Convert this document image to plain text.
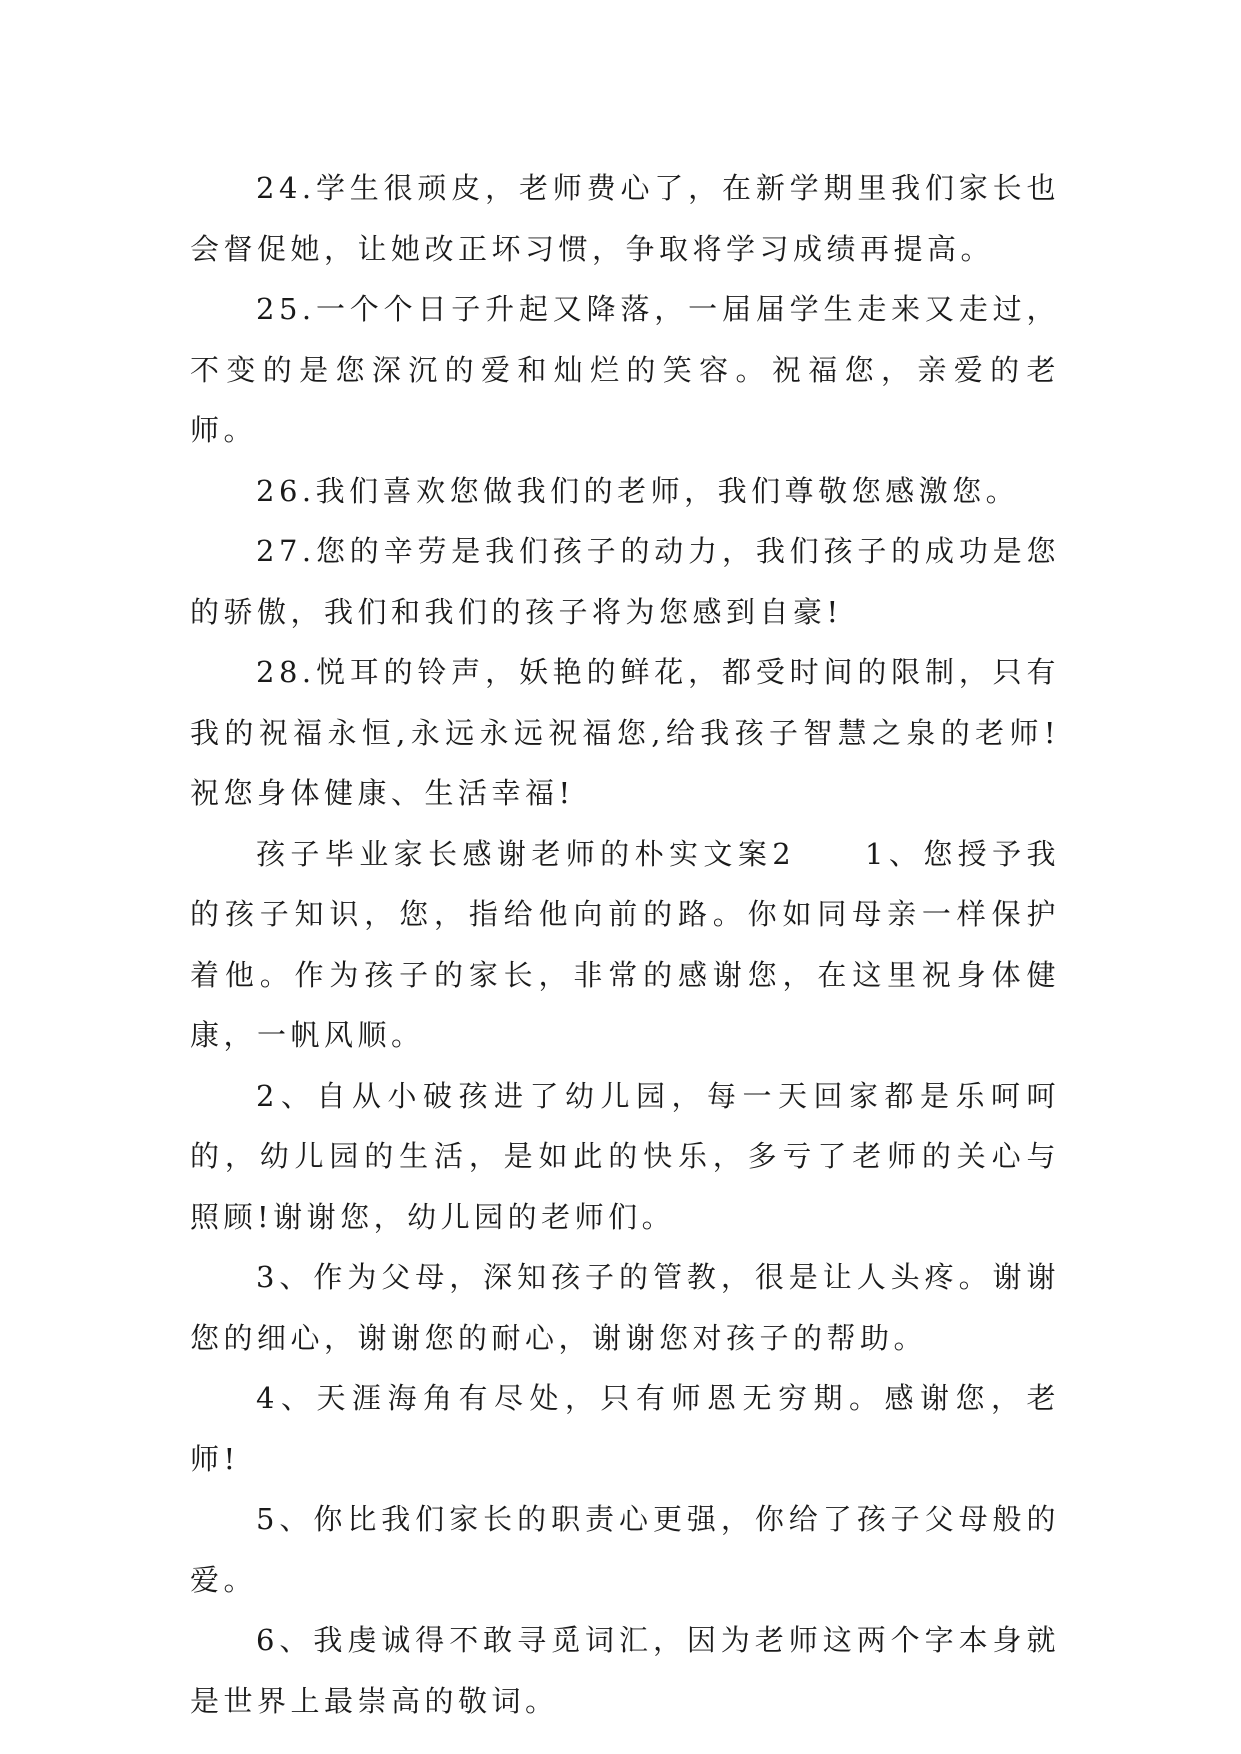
24.学生很顽皮，老师费心了，在新学期里我们家长也会督促她，让她改正坏习惯，争取将学习成绩再提高。

25.一个个日子升起又降落，一届届学生走来又走过，不变的是您深沉的爱和灿烂的笑容。祝福您，亲爱的老师。

26.我们喜欢您做我们的老师，我们尊敬您感激您。

27.您的辛劳是我们孩子的动力，我们孩子的成功是您的骄傲，我们和我们的孩子将为您感到自豪!

28.悦耳的铃声，妖艳的鲜花，都受时间的限制，只有我的祝福永恒,永远永远祝福您,给我孩子智慧之泉的老师!祝您身体健康、生活幸福!

孩子毕业家长感谢老师的朴实文案2　　1、您授予我的孩子知识，您，指给他向前的路。你如同母亲一样保护着他。作为孩子的家长，非常的感谢您，在这里祝身体健康，一帆风顺。

2、自从小破孩进了幼儿园，每一天回家都是乐呵呵的，幼儿园的生活，是如此的快乐，多亏了老师的关心与照顾!谢谢您，幼儿园的老师们。

3、作为父母，深知孩子的管教，很是让人头疼。谢谢您的细心，谢谢您的耐心，谢谢您对孩子的帮助。

4、天涯海角有尽处，只有师恩无穷期。感谢您，老师!

5、你比我们家长的职责心更强，你给了孩子父母般的爱。

6、我虔诚得不敢寻觅词汇，因为老师这两个字本身就是世界上最崇高的敬词。
